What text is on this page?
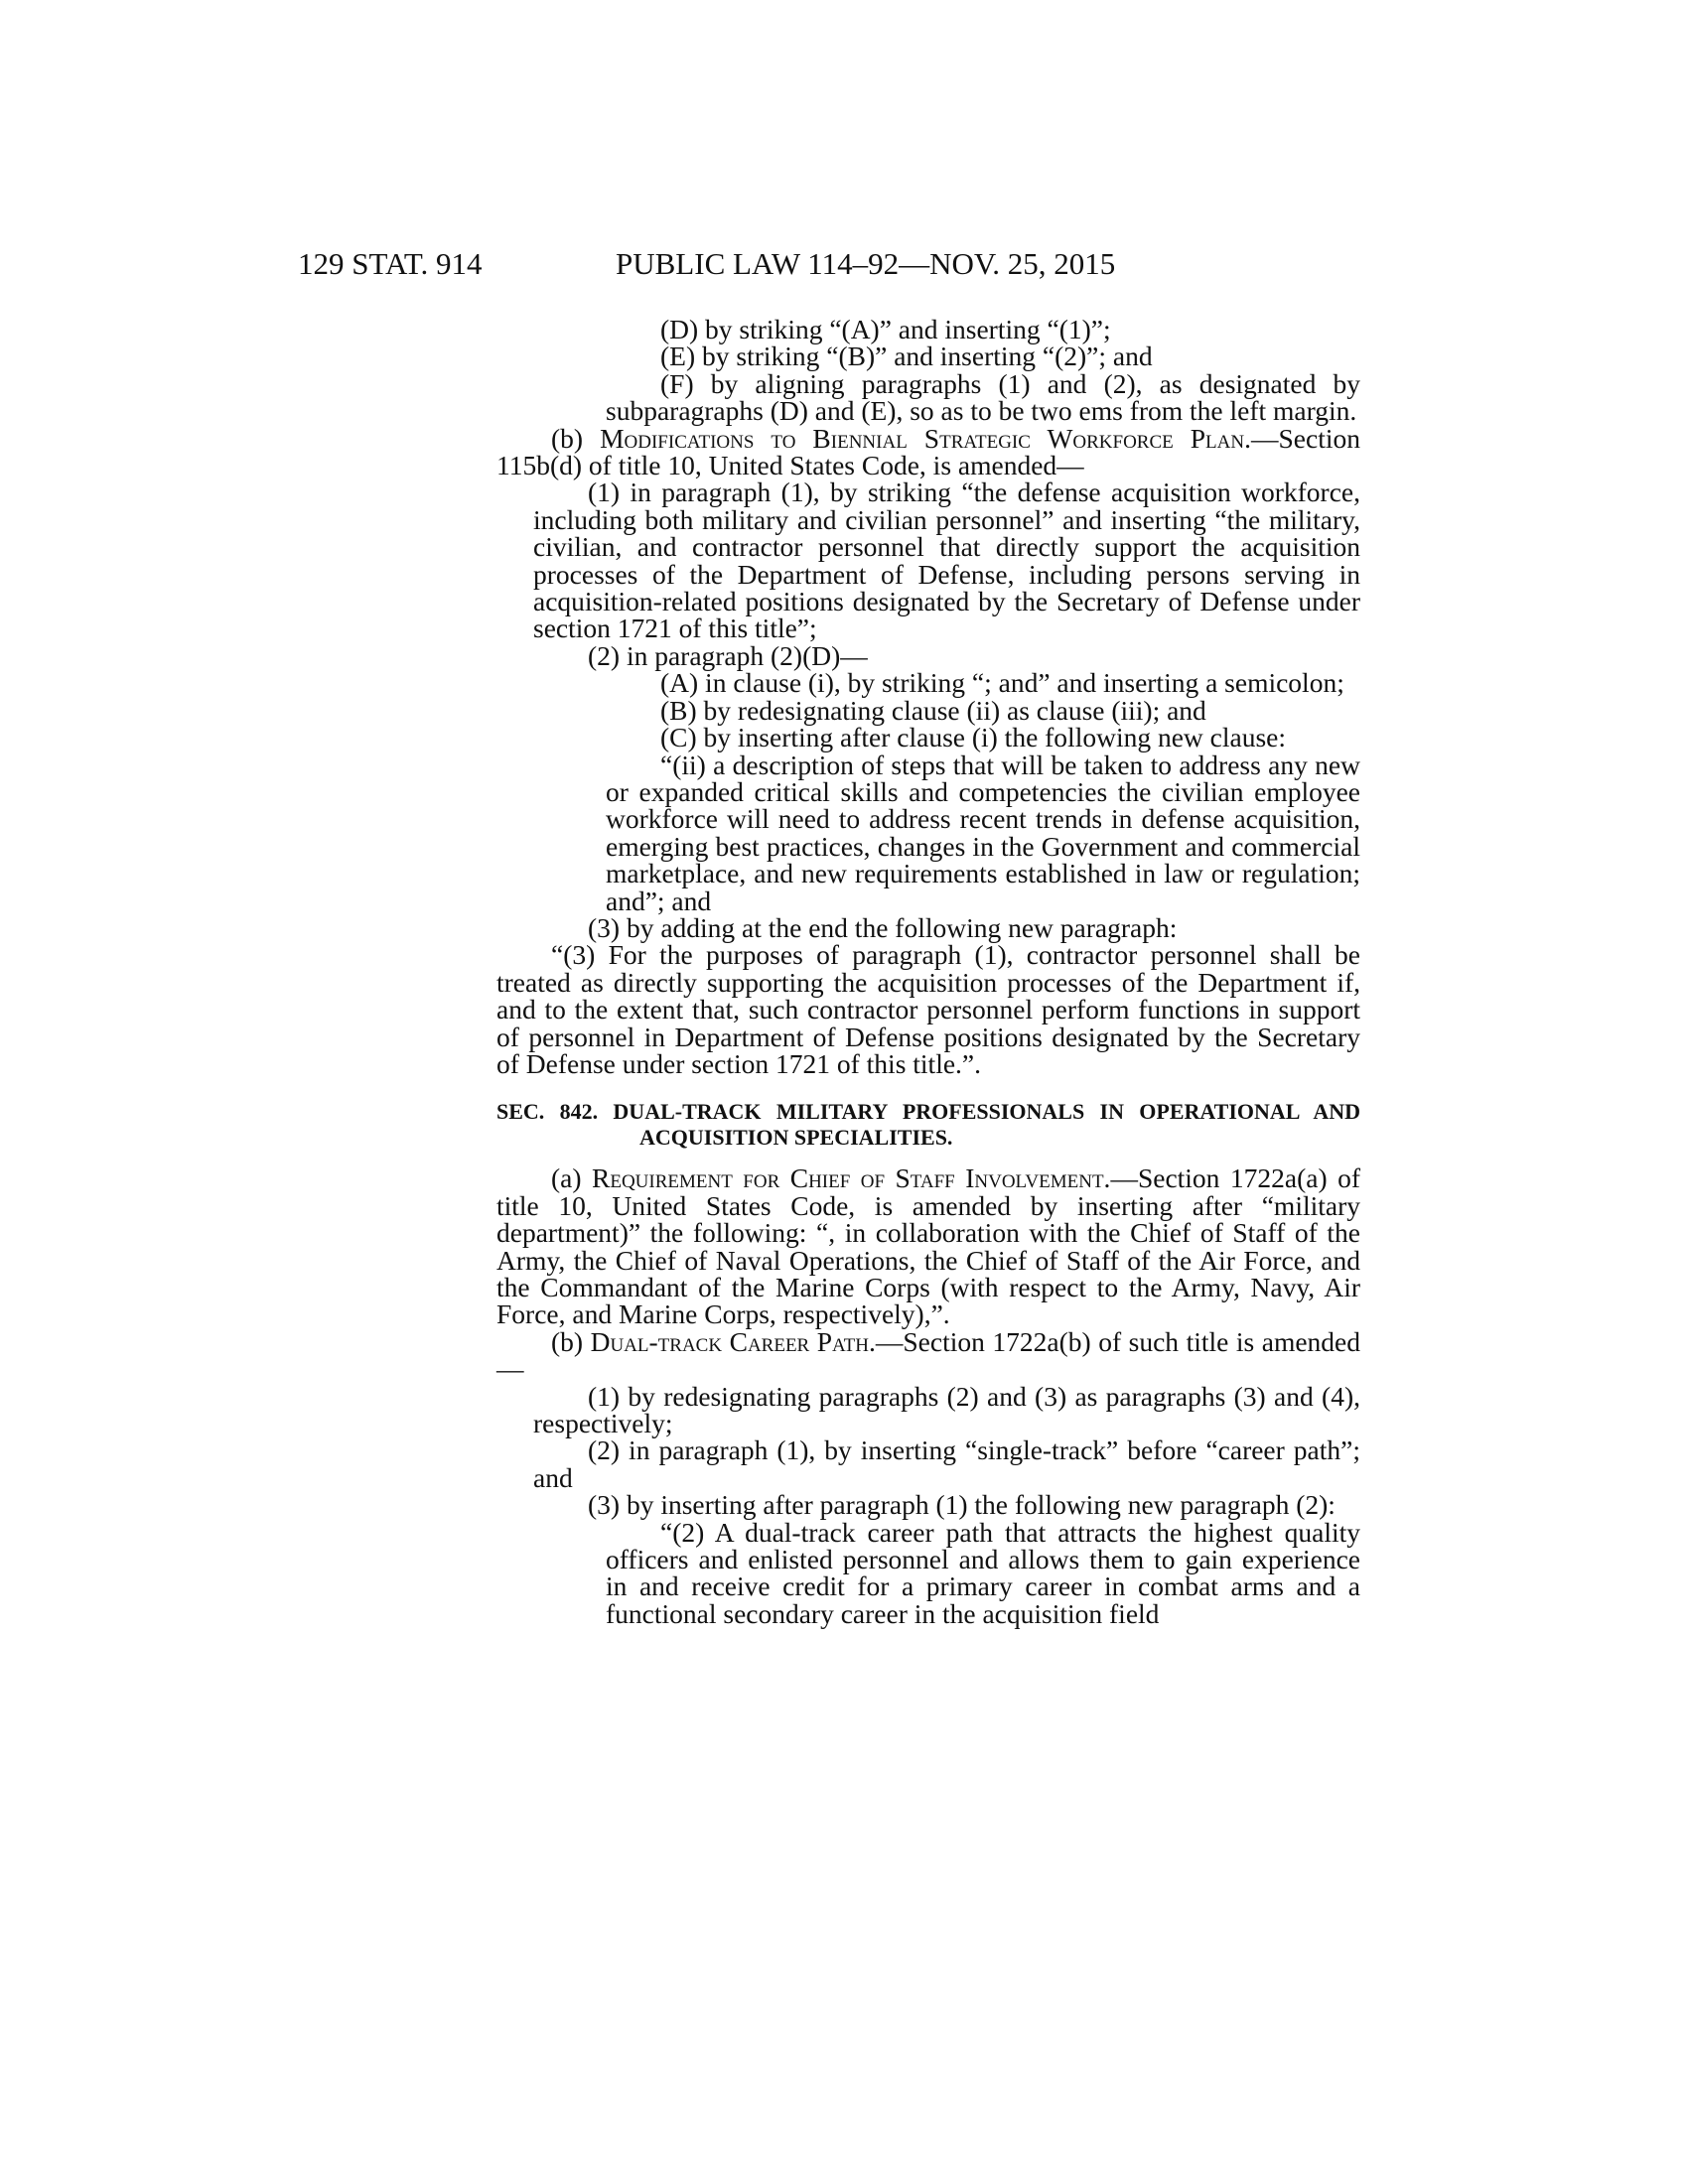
129 STAT. 914	PUBLIC LAW 114–92—NOV. 25, 2015

(D) by striking “(A)” and inserting “(1)”;

(E) by striking “(B)” and inserting “(2)”; and

(F) by aligning paragraphs (1) and (2), as designated by subparagraphs (D) and (E), so as to be two ems from the left margin.

(b) Modifications to Biennial Strategic Workforce Plan.—Section 115b(d) of title 10, United States Code, is amended—

(1) in paragraph (1), by striking “the defense acquisition workforce, including both military and civilian personnel” and inserting “the military, civilian, and contractor personnel that directly support the acquisition processes of the Department of Defense, including persons serving in acquisition-related positions designated by the Secretary of Defense under section 1721 of this title”;

(2) in paragraph (2)(D)—

(A) in clause (i), by striking “; and” and inserting a semicolon;

(B) by redesignating clause (ii) as clause (iii); and

(C) by inserting after clause (i) the following new clause:

“(ii) a description of steps that will be taken to address any new or expanded critical skills and competencies the civilian employee workforce will need to address recent trends in defense acquisition, emerging best practices, changes in the Government and commercial marketplace, and new requirements established in law or regulation; and”; and

(3) by adding at the end the following new paragraph:

“(3) For the purposes of paragraph (1), contractor personnel shall be treated as directly supporting the acquisition processes of the Department if, and to the extent that, such contractor personnel perform functions in support of personnel in Department of Defense positions designated by the Secretary of Defense under section 1721 of this title.”.

SEC. 842. DUAL-TRACK MILITARY PROFESSIONALS IN OPERATIONAL AND ACQUISITION SPECIALITIES.

(a) Requirement for Chief of Staff Involvement.—Section 1722a(a) of title 10, United States Code, is amended by inserting after “military department)” the following: “, in collaboration with the Chief of Staff of the Army, the Chief of Naval Operations, the Chief of Staff of the Air Force, and the Commandant of the Marine Corps (with respect to the Army, Navy, Air Force, and Marine Corps, respectively),”.

(b) Dual-track Career Path.—Section 1722a(b) of such title is amended—

(1) by redesignating paragraphs (2) and (3) as paragraphs (3) and (4), respectively;

(2) in paragraph (1), by inserting “single-track” before “career path”; and

(3) by inserting after paragraph (1) the following new paragraph (2):

“(2) A dual-track career path that attracts the highest quality officers and enlisted personnel and allows them to gain experience in and receive credit for a primary career in combat arms and a functional secondary career in the acquisition field
